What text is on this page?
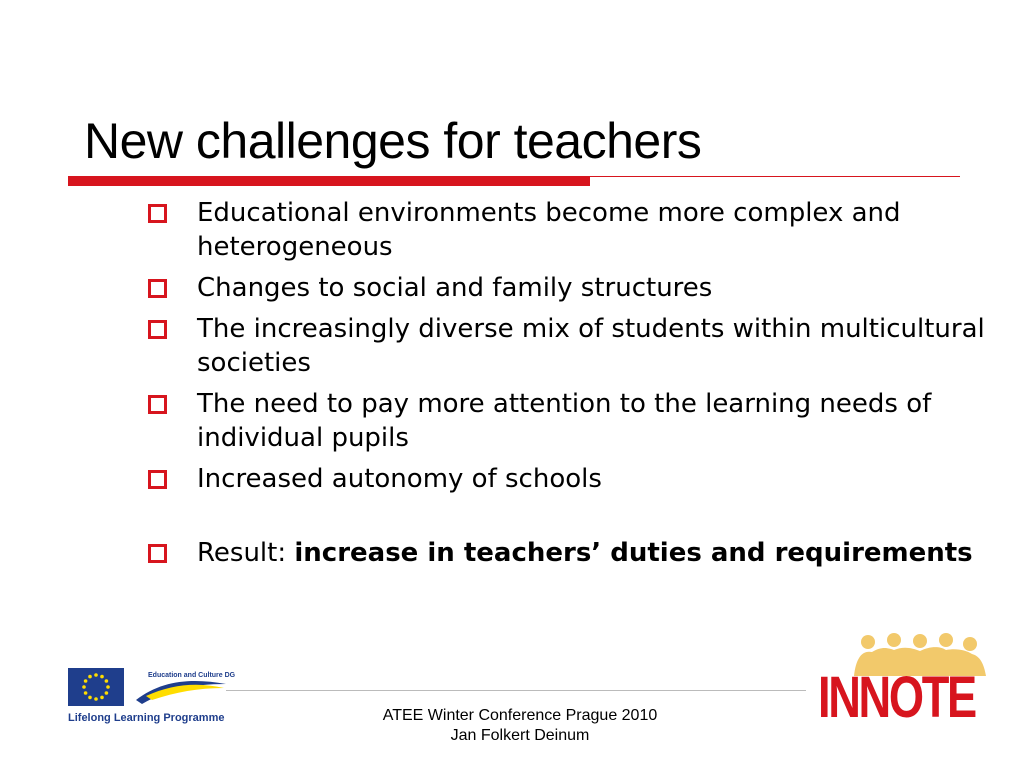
New challenges for teachers
Educational environments become more complex and heterogeneous
Changes to social and family structures
The increasingly diverse mix of students within multicultural societies
The need to pay more attention to the learning needs of individual pupils
Increased autonomy of schools
Result: increase in teachers’ duties and requirements
Education and Culture DG
Lifelong Learning Programme	ATEE Winter Conference Prague 2010
Jan Folkert Deinum
INNOTE
